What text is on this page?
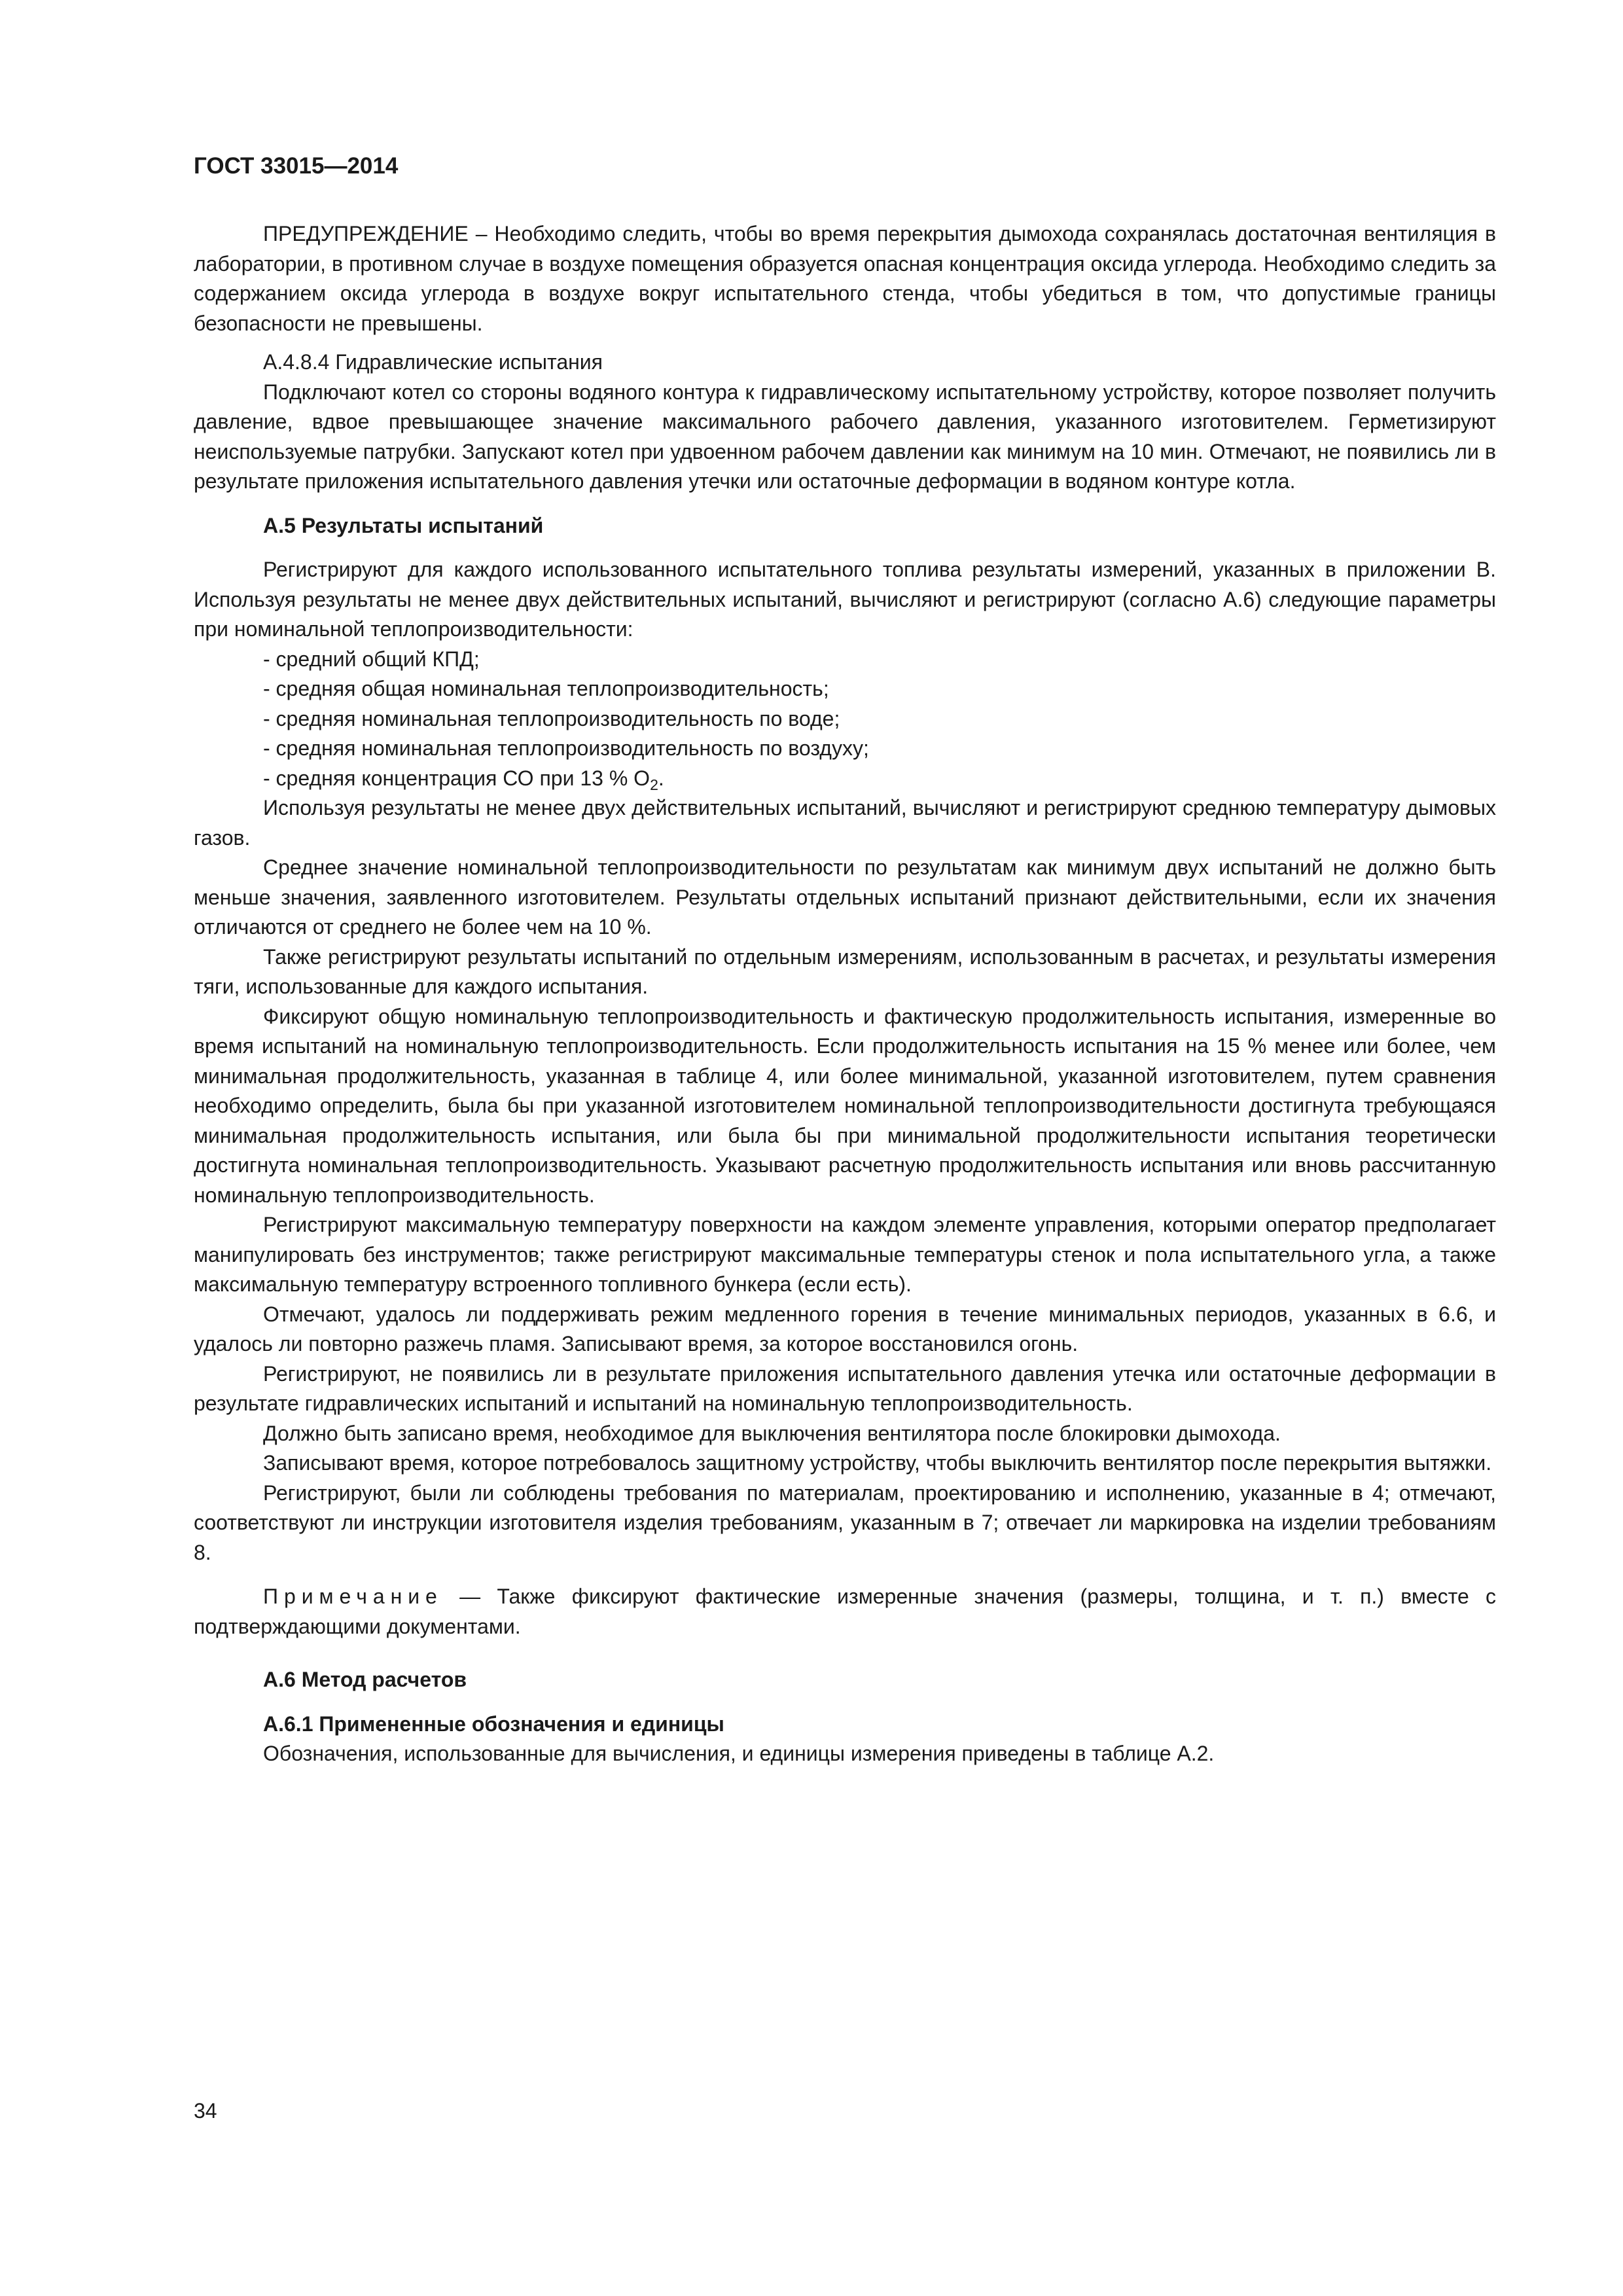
ГОСТ 33015—2014

ПРЕДУПРЕЖДЕНИЕ – Необходимо следить, чтобы во время перекрытия дымохода сохранялась достаточная вентиляция в лаборатории, в противном случае в воздухе помещения образуется опасная концентрация оксида углерода. Необходимо следить за содержанием оксида углерода в воздухе вокруг испытательного стенда, чтобы убедиться в том, что допустимые границы безопасности не превышены.

А.4.8.4 Гидравлические испытания

Подключают котел со стороны водяного контура к гидравлическому испытательному устройству, которое позволяет получить давление, вдвое превышающее значение максимального рабочего давления, указанного изготовителем. Герметизируют неиспользуемые патрубки. Запускают котел при удвоенном рабочем давлении как минимум на 10 мин. Отмечают, не появились ли в результате приложения испытательного давления утечки или остаточные деформации в водяном контуре котла.

А.5 Результаты испытаний

Регистрируют для каждого использованного испытательного топлива результаты измерений, указанных в приложении В. Используя результаты не менее двух действительных испытаний, вычисляют и регистрируют (согласно А.6) следующие параметры при номинальной теплопроизводительности:

- средний общий КПД;

- средняя общая номинальная теплопроизводительность;

- средняя номинальная теплопроизводительность по воде;

- средняя номинальная теплопроизводительность по воздуху;

- средняя концентрация СО при 13 % $О_2$.

Используя результаты не менее двух действительных испытаний, вычисляют и регистрируют среднюю температуру дымовых газов.

Среднее значение номинальной теплопроизводительности по результатам как минимум двух испытаний не должно быть меньше значения, заявленного изготовителем. Результаты отдельных испытаний признают действительными, если их значения отличаются от среднего не более чем на 10 %.

Также регистрируют результаты испытаний по отдельным измерениям, использованным в расчетах, и результаты измерения тяги, использованные для каждого испытания.

Фиксируют общую номинальную теплопроизводительность и фактическую продолжительность испытания, измеренные во время испытаний на номинальную теплопроизводительность. Если продолжительность испытания на 15 % менее или более, чем минимальная продолжительность, указанная в таблице 4, или более минимальной, указанной изготовителем, путем сравнения необходимо определить, была бы при указанной изготовителем номинальной теплопроизводительности достигнута требующаяся минимальная продолжительность испытания, или была бы при минимальной продолжительности испытания теоретически достигнута номинальная теплопроизводительность. Указывают расчетную продолжительность испытания или вновь рассчитанную номинальную теплопроизводительность.

Регистрируют максимальную температуру поверхности на каждом элементе управления, которыми оператор предполагает манипулировать без инструментов; также регистрируют максимальные температуры стенок и пола испытательного угла, а также максимальную температуру встроенного топливного бункера (если есть).

Отмечают, удалось ли поддерживать режим медленного горения в течение минимальных периодов, указанных в 6.6, и удалось ли повторно разжечь пламя. Записывают время, за которое восстановился огонь.

Регистрируют, не появились ли в результате приложения испытательного давления утечка или остаточные деформации в результате гидравлических испытаний и испытаний на номинальную теплопроизводительность.

Должно быть записано время, необходимое для выключения вентилятора после блокировки дымохода.

Записывают время, которое потребовалось защитному устройству, чтобы выключить вентилятор после перекрытия вытяжки.

Регистрируют, были ли соблюдены требования по материалам, проектированию и исполнению, указанные в 4; отмечают, соответствуют ли инструкции изготовителя изделия требованиям, указанным в 7; отвечает ли маркировка на изделии требованиям 8.

Примечание — Также фиксируют фактические измеренные значения (размеры, толщина, и т. п.) вместе с подтверждающими документами.

А.6 Метод расчетов

А.6.1 Примененные обозначения и единицы

Обозначения, использованные для вычисления, и единицы измерения приведены в таблице А.2.

34
